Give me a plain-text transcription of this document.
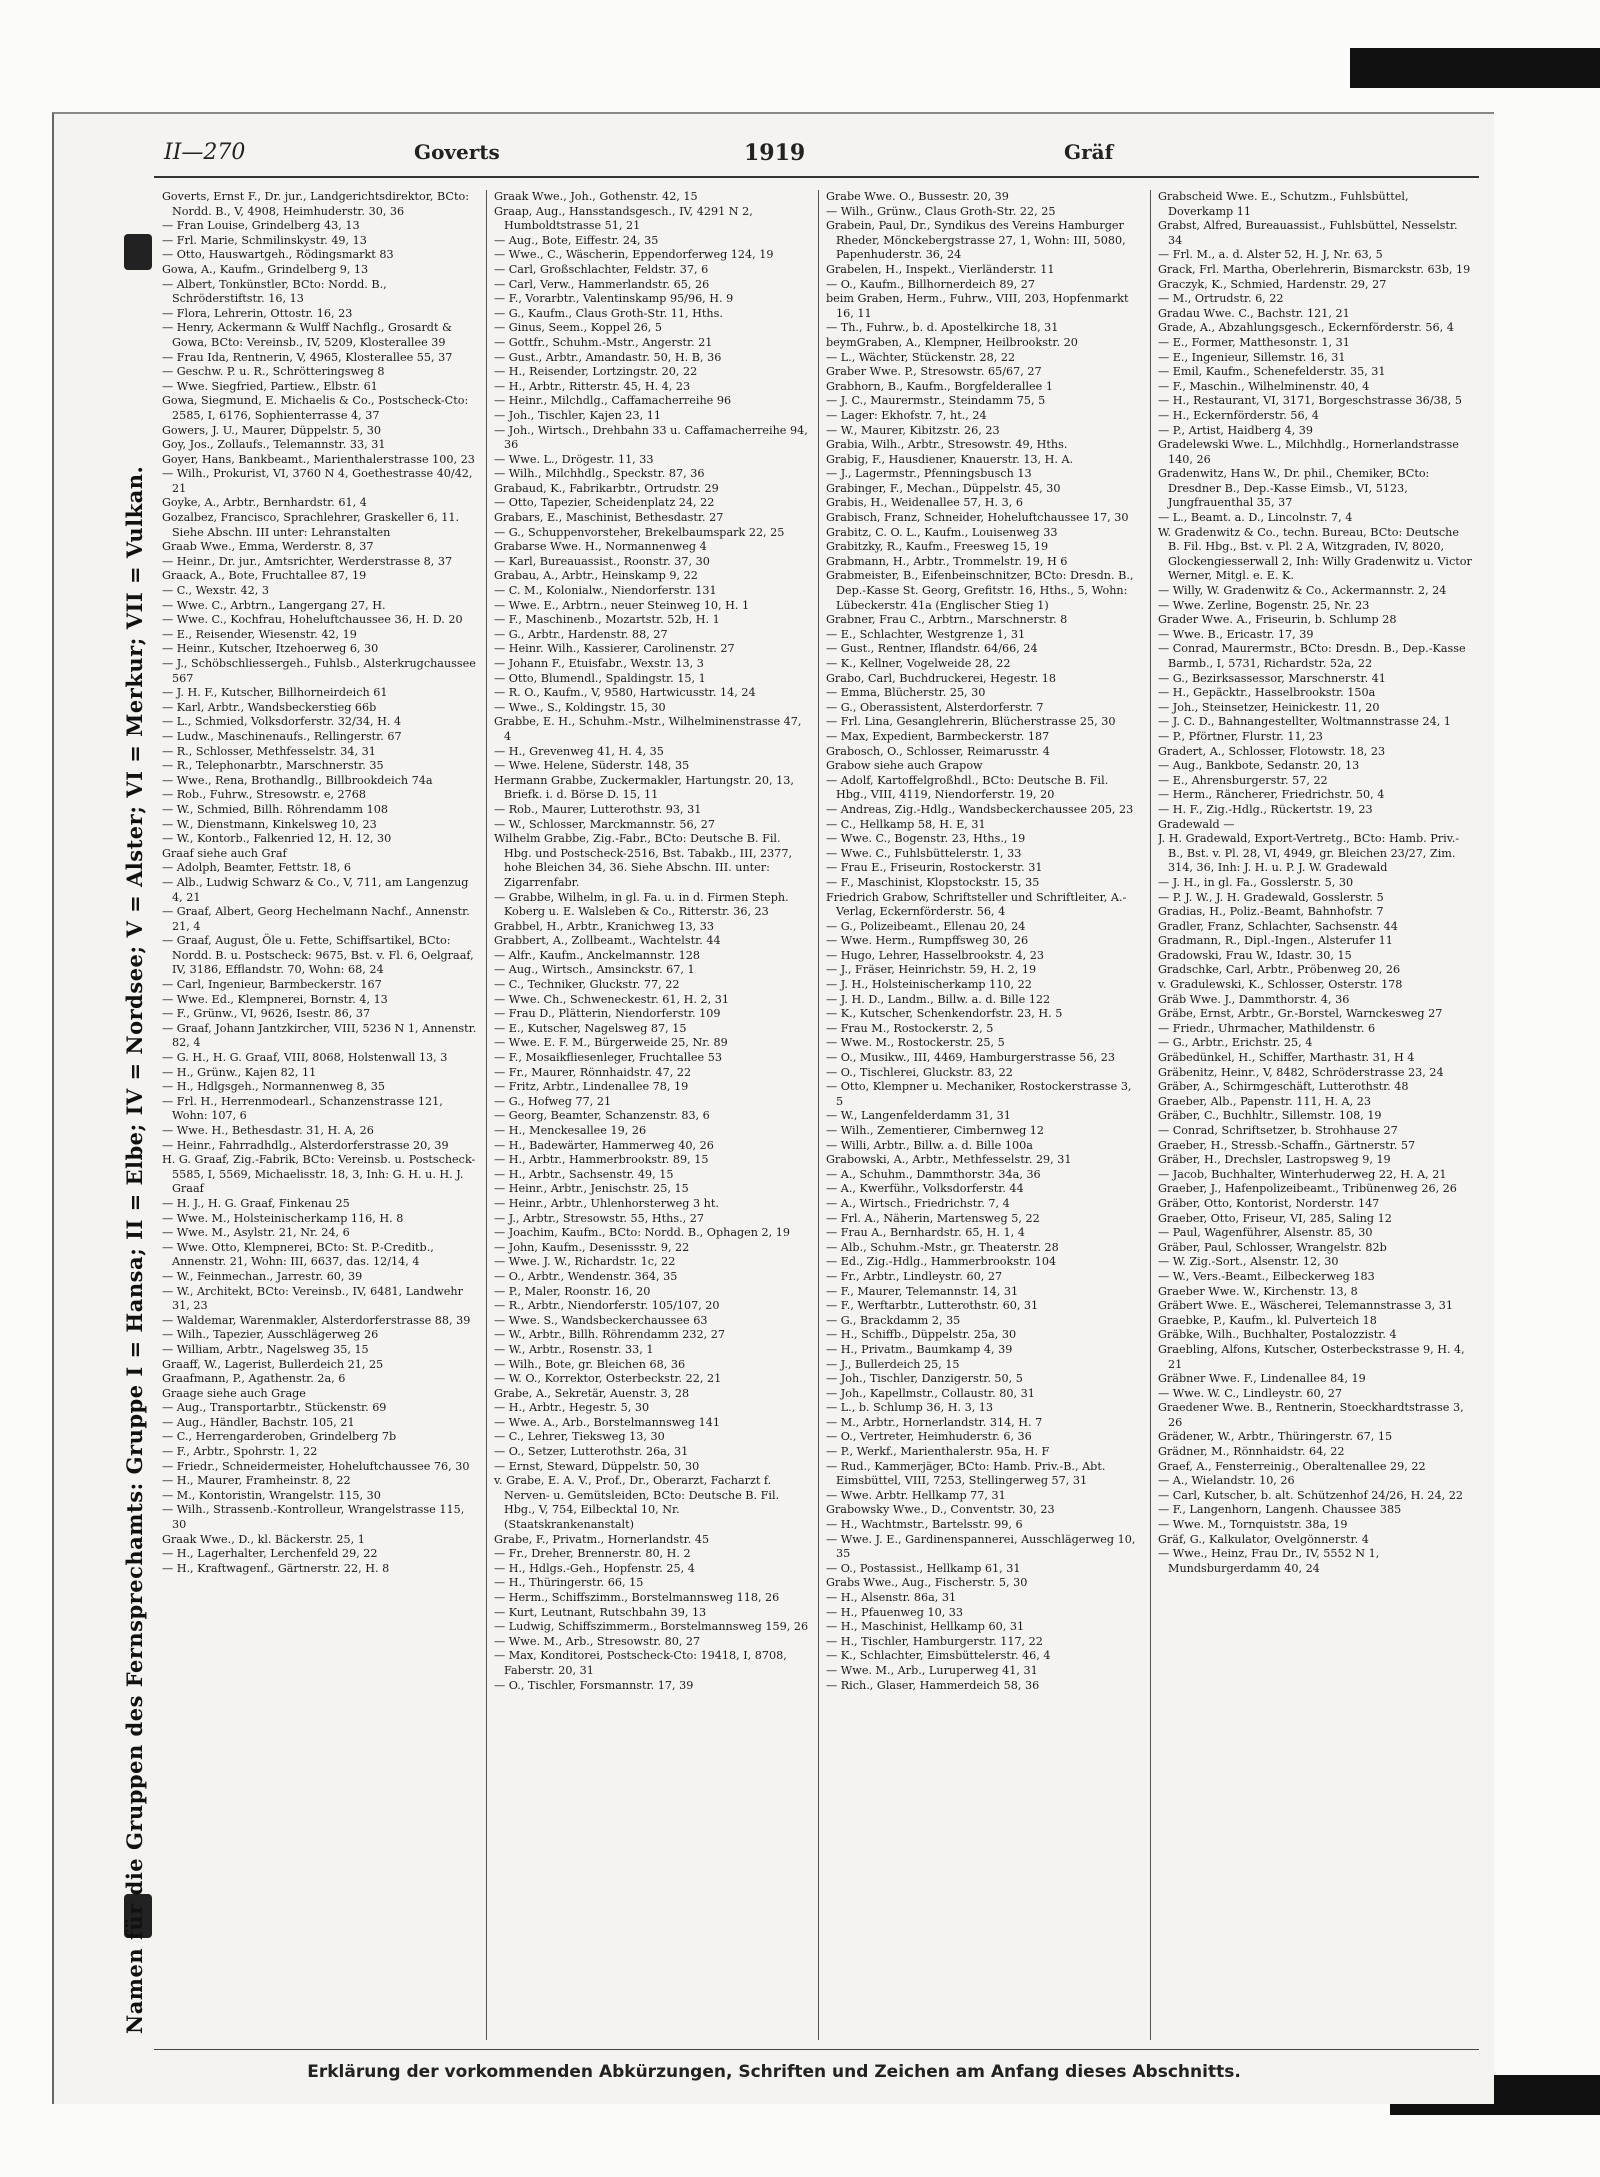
II—270	Goverts	1919	Gräf
Namen für die Gruppen des Fernsprechamts: Gruppe I = Hansa; II = Elbe; IV = Nordsee; V = Alster; VI = Merkur; VII = Vulkan.

Goverts, Ernst F., Dr. jur., Landgerichtsdirektor, BCto: Nordd. B., V, 4908, Heimhuderstr. 30, 36

— Fran Louise, Grindelberg 43, 13

— Frl. Marie, Schmilinskystr. 49, 13

— Otto, Hauswartgeh., Rödingsmarkt 83

Gowa, A., Kaufm., Grindelberg 9, 13

— Albert, Tonkünstler, BCto: Nordd. B., Schröderstiftstr. 16, 13

— Flora, Lehrerin, Ottostr. 16, 23

— Henry, Ackermann & Wulff Nachflg., Grosardt & Gowa, BCto: Vereinsb., IV, 5209, Klosterallee 39

— Frau Ida, Rentnerin, V, 4965, Klosterallee 55, 37

— Geschw. P. u. R., Schrötteringsweg 8

— Wwe. Siegfried, Partiew., Elbstr. 61

Gowa, Siegmund, E. Michaelis & Co., Postscheck-Cto: 2585, I, 6176, Sophienterrasse 4, 37

Gowers, J. U., Maurer, Düppelstr. 5, 30

Goy, Jos., Zollaufs., Telemannstr. 33, 31

Goyer, Hans, Bankbeamt., Marienthalerstrasse 100, 23

— Wilh., Prokurist, VI, 3760 N 4, Goethestrasse 40/42, 21

Goyke, A., Arbtr., Bernhardstr. 61, 4

Gozalbez, Francisco, Sprachlehrer, Graskeller 6, 11. Siehe Abschn. III unter: Lehranstalten

Graab Wwe., Emma, Werderstr. 8, 37

— Heinr., Dr. jur., Amtsrichter, Werderstrasse 8, 37

Graack, A., Bote, Fruchtallee 87, 19

— C., Wexstr. 42, 3

— Wwe. C., Arbtrn., Langergang 27, H.

— Wwe. C., Kochfrau, Hoheluftchaussee 36, H. D. 20

— E., Reisender, Wiesenstr. 42, 19

— Heinr., Kutscher, Itzehoerweg 6, 30

— J., Schöbschliessergeh., Fuhlsb., Alsterkrugchaussee 567

— J. H. F., Kutscher, Billhorneirdeich 61

— Karl, Arbtr., Wandsbeckerstieg 66b

— L., Schmied, Volksdorferstr. 32/34, H. 4

— Ludw., Maschinenaufs., Rellingerstr. 67

— R., Schlosser, Methfesselstr. 34, 31

— R., Telephonarbtr., Marschnerstr. 35

— Wwe., Rena, Brothandlg., Billbrookdeich 74a

— Rob., Fuhrw., Stresowstr. e, 2768

— W., Schmied, Billh. Röhrendamm 108

— W., Dienstmann, Kinkelsweg 10, 23

— W., Kontorb., Falkenried 12, H. 12, 30

Graaf siehe auch Graf

— Adolph, Beamter, Fettstr. 18, 6

— Alb., Ludwig Schwarz & Co., V, 711, am Langenzug 4, 21

— Graaf, Albert, Georg Hechelmann Nachf., Annenstr. 21, 4

— Graaf, August, Öle u. Fette, Schiffsartikel, BCto: Nordd. B. u. Postscheck: 9675, Bst. v. Fl. 6, Oelgraaf, IV, 3186, Efflandstr. 70, Wohn: 68, 24

— Carl, Ingenieur, Barmbeckerstr. 167

— Wwe. Ed., Klempnerei, Bornstr. 4, 13

— F., Grünw., VI, 9626, Isestr. 86, 37

— Graaf, Johann Jantzkircher, VIII, 5236 N 1, Annenstr. 82, 4

— G. H., H. G. Graaf, VIII, 8068, Holstenwall 13, 3

— H., Grünw., Kajen 82, 11

— H., Hdlgsgeh., Normannenweg 8, 35

— Frl. H., Herrenmodearl., Schanzenstrasse 121, Wohn: 107, 6

— Wwe. H., Bethesdastr. 31, H. A, 26

— Heinr., Fahrradhdlg., Alsterdorferstrasse 20, 39

H. G. Graaf, Zig.-Fabrik, BCto: Vereinsb. u. Postscheck-5585, I, 5569, Michaelisstr. 18, 3, Inh: G. H. u. H. J. Graaf

— H. J., H. G. Graaf, Finkenau 25

— Wwe. M., Holsteinischerkamp 116, H. 8

— Wwe. M., Asylstr. 21, Nr. 24, 6

— Wwe. Otto, Klempnerei, BCto: St. P.-Creditb., Annenstr. 21, Wohn: III, 6637, das. 12/14, 4

— W., Feinmechan., Jarrestr. 60, 39

— W., Architekt, BCto: Vereinsb., IV, 6481, Landwehr 31, 23

— Waldemar, Warenmakler, Alsterdorferstrasse 88, 39

— Wilh., Tapezier, Ausschlägerweg 26

— William, Arbtr., Nagelsweg 35, 15

Graaff, W., Lagerist, Bullerdeich 21, 25

Graafmann, P., Agathenstr. 2a, 6

Graage siehe auch Grage

— Aug., Transportarbtr., Stückenstr. 69

— Aug., Händler, Bachstr. 105, 21

— C., Herrengarderoben, Grindelberg 7b

— F., Arbtr., Spohrstr. 1, 22

— Friedr., Schneidermeister, Hoheluftchaussee 76, 30

— H., Maurer, Framheinstr. 8, 22

— M., Kontoristin, Wrangelstr. 115, 30

— Wilh., Strassenb.-Kontrolleur, Wrangelstrasse 115, 30

Graak Wwe., D., kl. Bäckerstr. 25, 1

— H., Lagerhalter, Lerchenfeld 29, 22

— H., Kraftwagenf., Gärtnerstr. 22, H. 8

Graak Wwe., Joh., Gothenstr. 42, 15

Graap, Aug., Hansstandsgesch., IV, 4291 N 2, Humboldtstrasse 51, 21

— Aug., Bote, Eiffestr. 24, 35

— Wwe., C., Wäscherin, Eppendorferweg 124, 19

— Carl, Großschlachter, Feldstr. 37, 6

— Carl, Verw., Hammerlandstr. 65, 26

— F., Vorarbtr., Valentinskamp 95/96, H. 9

— G., Kaufm., Claus Groth-Str. 11, Hths.

— Ginus, Seem., Koppel 26, 5

— Gottfr., Schuhm.-Mstr., Angerstr. 21

— Gust., Arbtr., Amandastr. 50, H. B, 36

— H., Reisender, Lortzingstr. 20, 22

— H., Arbtr., Ritterstr. 45, H. 4, 23

— Heinr., Milchdlg., Caffamacherreihe 96

— Joh., Tischler, Kajen 23, 11

— Joh., Wirtsch., Drehbahn 33 u. Caffamacherreihe 94, 36

— Wwe. L., Drögestr. 11, 33

— Wilh., Milchhdlg., Speckstr. 87, 36

Grabaud, K., Fabrikarbtr., Ortrudstr. 29

— Otto, Tapezier, Scheidenplatz 24, 22

Grabars, E., Maschinist, Bethesdastr. 27

— G., Schuppenvorsteher, Brekelbaumspark 22, 25

Grabarse Wwe. H., Normannenweg 4

— Karl, Bureauassist., Roonstr. 37, 30

Grabau, A., Arbtr., Heinskamp 9, 22

— C. M., Kolonialw., Niendorferstr. 131

— Wwe. E., Arbtrn., neuer Steinweg 10, H. 1

— F., Maschinenb., Mozartstr. 52b, H. 1

— G., Arbtr., Hardenstr. 88, 27

— Heinr. Wilh., Kassierer, Carolinenstr. 27

— Johann F., Etuisfabr., Wexstr. 13, 3

— Otto, Blumendl., Spaldingstr. 15, 1

— R. O., Kaufm., V, 9580, Hartwicusstr. 14, 24

— Wwe., S., Koldingstr. 15, 30

Grabbe, E. H., Schuhm.-Mstr., Wilhelminenstrasse 47, 4

— H., Grevenweg 41, H. 4, 35

— Wwe. Helene, Süderstr. 148, 35

Hermann Grabbe, Zuckermakler, Hartungstr. 20, 13, Briefk. i. d. Börse D. 15, 11

— Rob., Maurer, Lutterothstr. 93, 31

— W., Schlosser, Marckmannstr. 56, 27

Wilhelm Grabbe, Zig.-Fabr., BCto: Deutsche B. Fil. Hbg. und Postscheck-2516, Bst. Tabakb., III, 2377, hohe Bleichen 34, 36. Siehe Abschn. III. unter: Zigarrenfabr.

— Grabbe, Wilhelm, in gl. Fa. u. in d. Firmen Steph. Koberg u. E. Walsleben & Co., Ritterstr. 36, 23

Grabbel, H., Arbtr., Kranichweg 13, 33

Grabbert, A., Zollbeamt., Wachtelstr. 44

— Alfr., Kaufm., Anckelmannstr. 128

— Aug., Wirtsch., Amsinckstr. 67, 1

— C., Techniker, Gluckstr. 77, 22

— Wwe. Ch., Schweneckestr. 61, H. 2, 31

— Frau D., Plätterin, Niendorferstr. 109

— E., Kutscher, Nagelsweg 87, 15

— Wwe. E. F. M., Bürgerweide 25, Nr. 89

— F., Mosaikfliesenleger, Fruchtallee 53

— Fr., Maurer, Rönnhaidstr. 47, 22

— Fritz, Arbtr., Lindenallee 78, 19

— G., Hofweg 77, 21

— Georg, Beamter, Schanzenstr. 83, 6

— H., Menckesallee 19, 26

— H., Badewärter, Hammerweg 40, 26

— H., Arbtr., Hammerbrookstr. 89, 15

— H., Arbtr., Sachsenstr. 49, 15

— Heinr., Arbtr., Jenischstr. 25, 15

— Heinr., Arbtr., Uhlenhorsterweg 3 ht.

— J., Arbtr., Stresowstr. 55, Hths., 27

— Joachim, Kaufm., BCto: Nordd. B., Ophagen 2, 19

— John, Kaufm., Desenissstr. 9, 22

— Wwe. J. W., Richardstr. 1c, 22

— O., Arbtr., Wendenstr. 364, 35

— P., Maler, Roonstr. 16, 20

— R., Arbtr., Niendorferstr. 105/107, 20

— Wwe. S., Wandsbeckerchaussee 63

— W., Arbtr., Billh. Röhrendamm 232, 27

— W., Arbtr., Rosenstr. 33, 1

— Wilh., Bote, gr. Bleichen 68, 36

— W. O., Korrektor, Osterbeckstr. 22, 21

Grabe, A., Sekretär, Auenstr. 3, 28

— H., Arbtr., Hegestr. 5, 30

— Wwe. A., Arb., Borstelmannsweg 141

— C., Lehrer, Tieksweg 13, 30

— O., Setzer, Lutterothstr. 26a, 31

— Ernst, Steward, Düppelstr. 50, 30

v. Grabe, E. A. V., Prof., Dr., Oberarzt, Facharzt f. Nerven- u. Gemütsleiden, BCto: Deutsche B. Fil. Hbg., V, 754, Eilbecktal 10, Nr. (Staatskrankenanstalt)

Grabe, F., Privatm., Hornerlandstr. 45

— Fr., Dreher, Brennerstr. 80, H. 2

— H., Hdlgs.-Geh., Hopfenstr. 25, 4

— H., Thüringerstr. 66, 15

— Herm., Schiffszimm., Borstelmannsweg 118, 26

— Kurt, Leutnant, Rutschbahn 39, 13

— Ludwig, Schiffszimmerm., Borstelmannsweg 159, 26

— Wwe. M., Arb., Stresowstr. 80, 27

— Max, Konditorei, Postscheck-Cto: 19418, I, 8708, Faberstr. 20, 31

— O., Tischler, Forsmannstr. 17, 39

Grabe Wwe. O., Bussestr. 20, 39

— Wilh., Grünw., Claus Groth-Str. 22, 25

Grabein, Paul, Dr., Syndikus des Vereins Hamburger Rheder, Mönckebergstrasse 27, 1, Wohn: III, 5080, Papenhuderstr. 36, 24

Grabelen, H., Inspekt., Vierländerstr. 11

— O., Kaufm., Billhornerdeich 89, 27

beim Graben, Herm., Fuhrw., VIII, 203, Hopfenmarkt 16, 11

— Th., Fuhrw., b. d. Apostelkirche 18, 31

beymGraben, A., Klempner, Heilbrookstr. 20

— L., Wächter, Stückenstr. 28, 22

Graber Wwe. P., Stresowstr. 65/67, 27

Grabhorn, B., Kaufm., Borgfelderallee 1

— J. C., Maurermstr., Steindamm 75, 5

— Lager: Ekhofstr. 7, ht., 24

— W., Maurer, Kibitzstr. 26, 23

Grabia, Wilh., Arbtr., Stresowstr. 49, Hths.

Grabig, F., Hausdiener, Knauerstr. 13, H. A.

— J., Lagermstr., Pfenningsbusch 13

Grabinger, F., Mechan., Düppelstr. 45, 30

Grabis, H., Weidenallee 57, H. 3, 6

Grabisch, Franz, Schneider, Hoheluftchaussee 17, 30

Grabitz, C. O. L., Kaufm., Louisenweg 33

Grabitzky, R., Kaufm., Freesweg 15, 19

Grabmann, H., Arbtr., Trommelstr. 19, H 6

Grabmeister, B., Eifenbeinschnitzer, BCto: Dresdn. B., Dep.-Kasse St. Georg, Grefitstr. 16, Hths., 5, Wohn: Lübeckerstr. 41a (Englischer Stieg 1)

Grabner, Frau C., Arbtrn., Marschnerstr. 8

— E., Schlachter, Westgrenze 1, 31

— Gust., Rentner, Iflandstr. 64/66, 24

— K., Kellner, Vogelweide 28, 22

Grabo, Carl, Buchdruckerei, Hegestr. 18

— Emma, Blücherstr. 25, 30

— G., Oberassistent, Alsterdorferstr. 7

— Frl. Lina, Gesanglehrerin, Blücherstrasse 25, 30

— Max, Expedient, Barmbeckerstr. 187

Grabosch, O., Schlosser, Reimarusstr. 4

Grabow siehe auch Grapow

— Adolf, Kartoffelgroßhdl., BCto: Deutsche B. Fil. Hbg., VIII, 4119, Niendorferstr. 19, 20

— Andreas, Zig.-Hdlg., Wandsbeckerchaussee 205, 23

— C., Hellkamp 58, H. E, 31

— Wwe. C., Bogenstr. 23, Hths., 19

— Wwe. C., Fuhlsbüttelerstr. 1, 33

— Frau E., Friseurin, Rostockerstr. 31

— F., Maschinist, Klopstockstr. 15, 35

Friedrich Grabow, Schriftsteller und Schriftleiter, A.-Verlag, Eckernförderstr. 56, 4

— G., Polizeibeamt., Ellenau 20, 24

— Wwe. Herm., Rumpffsweg 30, 26

— Hugo, Lehrer, Hasselbrookstr. 4, 23

— J., Fräser, Heinrichstr. 59, H. 2, 19

— J. H., Holsteinischerkamp 110, 22

— J. H. D., Landm., Billw. a. d. Bille 122

— K., Kutscher, Schenkendorfstr. 23, H. 5

— Frau M., Rostockerstr. 2, 5

— Wwe. M., Rostockerstr. 25, 5

— O., Musikw., III, 4469, Hamburgerstrasse 56, 23

— O., Tischlerei, Gluckstr. 83, 22

— Otto, Klempner u. Mechaniker, Rostockerstrasse 3, 5

— W., Langenfelderdamm 31, 31

— Wilh., Zementierer, Cimbernweg 12

— Willi, Arbtr., Billw. a. d. Bille 100a

Grabowski, A., Arbtr., Methfesselstr. 29, 31

— A., Schuhm., Dammthorstr. 34a, 36

— A., Kwerführ., Volksdorferstr. 44

— A., Wirtsch., Friedrichstr. 7, 4

— Frl. A., Näherin, Martensweg 5, 22

— Frau A., Bernhardstr. 65, H. 1, 4

— Alb., Schuhm.-Mstr., gr. Theaterstr. 28

— Ed., Zig.-Hdlg., Hammerbrookstr. 104

— Fr., Arbtr., Lindleystr. 60, 27

— F., Maurer, Telemannstr. 14, 31

— F., Werftarbtr., Lutterothstr. 60, 31

— G., Brackdamm 2, 35

— H., Schiffb., Düppelstr. 25a, 30

— H., Privatm., Baumkamp 4, 39

— J., Bullerdeich 25, 15

— Joh., Tischler, Danzigerstr. 50, 5

— Joh., Kapellmstr., Collaustr. 80, 31

— L., b. Schlump 36, H. 3, 13

— M., Arbtr., Hornerlandstr. 314, H. 7

— O., Vertreter, Heimhuderstr. 6, 36

— P., Werkf., Marienthalerstr. 95a, H. F

— Rud., Kammerjäger, BCto: Hamb. Priv.-B., Abt. Eimsbüttel, VIII, 7253, Stellingerweg 57, 31

— Wwe. Arbtr. Hellkamp 77, 31

Grabowsky Wwe., D., Conventstr. 30, 23

— H., Wachtmstr., Bartelsstr. 99, 6

— Wwe. J. E., Gardinenspannerei, Ausschlägerweg 10, 35

— O., Postassist., Hellkamp 61, 31

Grabs Wwe., Aug., Fischerstr. 5, 30

— H., Alsenstr. 86a, 31

— H., Pfauenweg 10, 33

— H., Maschinist, Hellkamp 60, 31

— H., Tischler, Hamburgerstr. 117, 22

— K., Schlachter, Eimsbüttelerstr. 46, 4

— Wwe. M., Arb., Luruperweg 41, 31

— Rich., Glaser, Hammerdeich 58, 36

Grabscheid Wwe. E., Schutzm., Fuhlsbüttel, Doverkamp 11

Grabst, Alfred, Bureauassist., Fuhlsbüttel, Nesselstr. 34

— Frl. M., a. d. Alster 52, H. J, Nr. 63, 5

Grack, Frl. Martha, Oberlehrerin, Bismarckstr. 63b, 19

Graczyk, K., Schmied, Hardenstr. 29, 27

— M., Ortrudstr. 6, 22

Gradau Wwe. C., Bachstr. 121, 21

Grade, A., Abzahlungsgesch., Eckernförderstr. 56, 4

— E., Former, Matthesonstr. 1, 31

— E., Ingenieur, Sillemstr. 16, 31

— Emil, Kaufm., Schenefelderstr. 35, 31

— F., Maschin., Wilhelminenstr. 40, 4

— H., Restaurant, VI, 3171, Borgeschstrasse 36/38, 5

— H., Eckernförderstr. 56, 4

— P., Artist, Haidberg 4, 39

Gradelewski Wwe. L., Milchhdlg., Hornerlandstrasse 140, 26

Gradenwitz, Hans W., Dr. phil., Chemiker, BCto: Dresdner B., Dep.-Kasse Eimsb., VI, 5123, Jungfrauenthal 35, 37

— L., Beamt. a. D., Lincolnstr. 7, 4

W. Gradenwitz & Co., techn. Bureau, BCto: Deutsche B. Fil. Hbg., Bst. v. Pl. 2 A, Witzgraden, IV, 8020, Glockengiesserwall 2, Inh: Willy Gradenwitz u. Victor Werner, Mitgl. e. E. K.

— Willy, W. Gradenwitz & Co., Ackermannstr. 2, 24

— Wwe. Zerline, Bogenstr. 25, Nr. 23

Grader Wwe. A., Friseurin, b. Schlump 28

— Wwe. B., Ericastr. 17, 39

— Conrad, Maurermstr., BCto: Dresdn. B., Dep.-Kasse Barmb., I, 5731, Richardstr. 52a, 22

— G., Bezirksassessor, Marschnerstr. 41

— H., Gepäcktr., Hasselbrookstr. 150a

— Joh., Steinsetzer, Heinickestr. 11, 20

— J. C. D., Bahnangestellter, Woltmannstrasse 24, 1

— P., Pförtner, Flurstr. 11, 23

Gradert, A., Schlosser, Flotowstr. 18, 23

— Aug., Bankbote, Sedanstr. 20, 13

— E., Ahrensburgerstr. 57, 22

— Herm., Räncherer, Friedrichstr. 50, 4

— H. F., Zig.-Hdlg., Rückertstr. 19, 23

Gradewald —

J. H. Gradewald, Export-Vertretg., BCto: Hamb. Priv.-B., Bst. v. Pl. 28, VI, 4949, gr. Bleichen 23/27, Zim. 314, 36, Inh: J. H. u. P. J. W. Gradewald

— J. H., in gl. Fa., Gosslerstr. 5, 30

— P. J. W., J. H. Gradewald, Gosslerstr. 5

Gradias, H., Poliz.-Beamt, Bahnhofstr. 7

Gradler, Franz, Schlachter, Sachsenstr. 44

Gradmann, R., Dipl.-Ingen., Alsterufer 11

Gradowski, Frau W., Idastr. 30, 15

Gradschke, Carl, Arbtr., Pröbenweg 20, 26

v. Gradulewski, K., Schlosser, Osterstr. 178

Gräb Wwe. J., Dammthorstr. 4, 36

Gräbe, Ernst, Arbtr., Gr.-Borstel, Warnckesweg 27

— Friedr., Uhrmacher, Mathildenstr. 6

— G., Arbtr., Erichstr. 25, 4

Gräbedünkel, H., Schiffer, Marthastr. 31, H 4

Gräbenitz, Heinr., V, 8482, Schröderstrasse 23, 24

Gräber, A., Schirmgeschäft, Lutterothstr. 48

Graeber, Alb., Papenstr. 111, H. A, 23

Gräber, C., Buchhltr., Sillemstr. 108, 19

— Conrad, Schriftsetzer, b. Strohhause 27

Graeber, H., Stressb.-Schaffn., Gärtnerstr. 57

Gräber, H., Drechsler, Lastropsweg 9, 19

— Jacob, Buchhalter, Winterhuderweg 22, H. A, 21

Graeber, J., Hafenpolizeibeamt., Tribünenweg 26, 26

Gräber, Otto, Kontorist, Norderstr. 147

Graeber, Otto, Friseur, VI, 285, Saling 12

— Paul, Wagenführer, Alsenstr. 85, 30

Gräber, Paul, Schlosser, Wrangelstr. 82b

— W. Zig.-Sort., Alsenstr. 12, 30

— W., Vers.-Beamt., Eilbeckerweg 183

Graeber Wwe. W., Kirchenstr. 13, 8

Gräbert Wwe. E., Wäscherei, Telemannstrasse 3, 31

Graebke, P., Kaufm., kl. Pulverteich 18

Gräbke, Wilh., Buchhalter, Postalozzistr. 4

Graebling, Alfons, Kutscher, Osterbeckstrasse 9, H. 4, 21

Gräbner Wwe. F., Lindenallee 84, 19

— Wwe. W. C., Lindleystr. 60, 27

Graedener Wwe. B., Rentnerin, Stoeckhardtstrasse 3, 26

Grädener, W., Arbtr., Thüringerstr. 67, 15

Grädner, M., Rönnhaidstr. 64, 22

Graef, A., Fensterreinig., Oberaltenallee 29, 22

— A., Wielandstr. 10, 26

— Carl, Kutscher, b. alt. Schützenhof 24/26, H. 24, 22

— F., Langenhorn, Langenh. Chaussee 385

— Wwe. M., Tornquiststr. 38a, 19

Gräf, G., Kalkulator, Ovelgönnerstr. 4

— Wwe., Heinz, Frau Dr., IV, 5552 N 1, Mundsburgerdamm 40, 24

Erklärung der vorkommenden Abkürzungen, Schriften und Zeichen am Anfang dieses Abschnitts.
